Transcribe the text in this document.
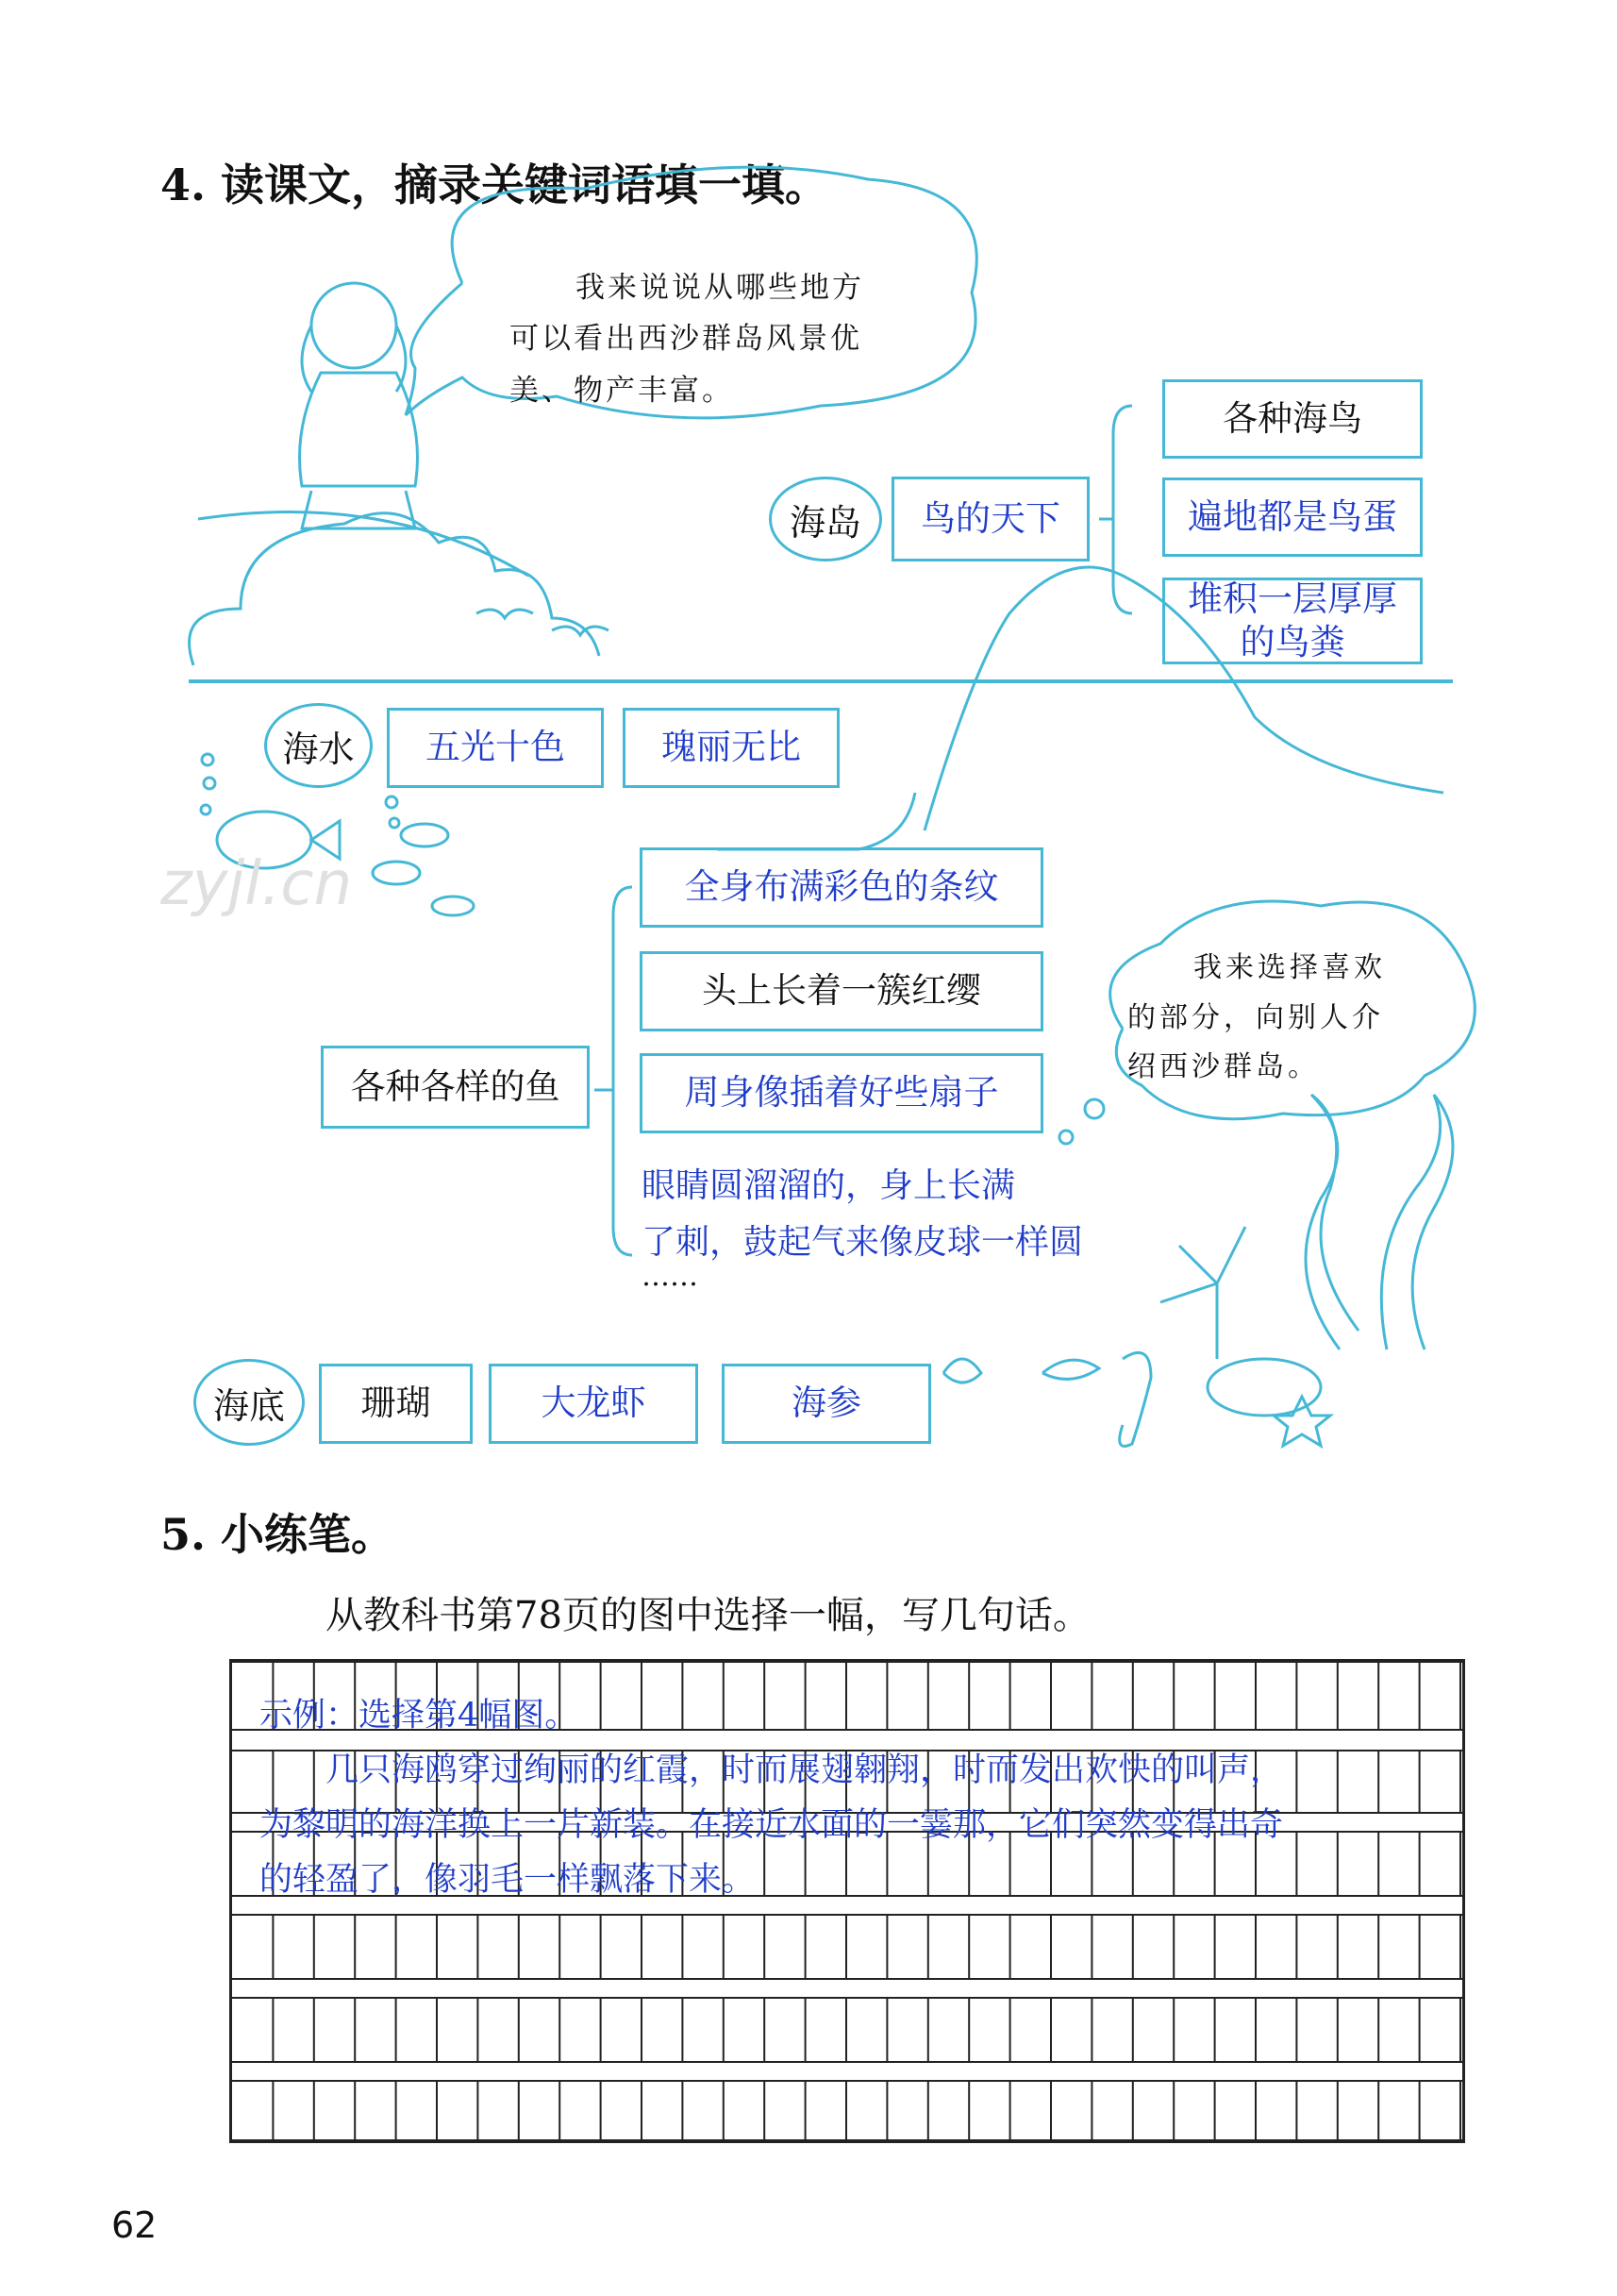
4. 读课文，摘录关键词语填一填。
我来说说从哪些地方
可以看出西沙群岛风景优
美、物产丰富。
我来选择喜欢
的部分，向别人介
绍西沙群岛。
海岛	鸟的天下
各种海鸟
遍地都是鸟蛋
堆积一层厚厚的鸟粪
海水	五光十色	瑰丽无比
各种各样的鱼
全身布满彩色的条纹
头上长着一簇红缨
周身像插着好些扇子
眼睛圆溜溜的，身上长满
了刺，鼓起气来像皮球一样圆
……
海底	珊瑚	大龙虾	海参
5. 小练笔。
从教科书第78页的图中选择一幅，写几句话。
示例：选择第4幅图。
　　几只海鸥穿过绚丽的红霞，时而展翅翱翔，时而发出欢快的叫声，
为黎明的海洋换上一片新装。在接近水面的一霎那，它们突然变得出奇
的轻盈了，像羽毛一样飘落下来。
zyjl.cn
62
